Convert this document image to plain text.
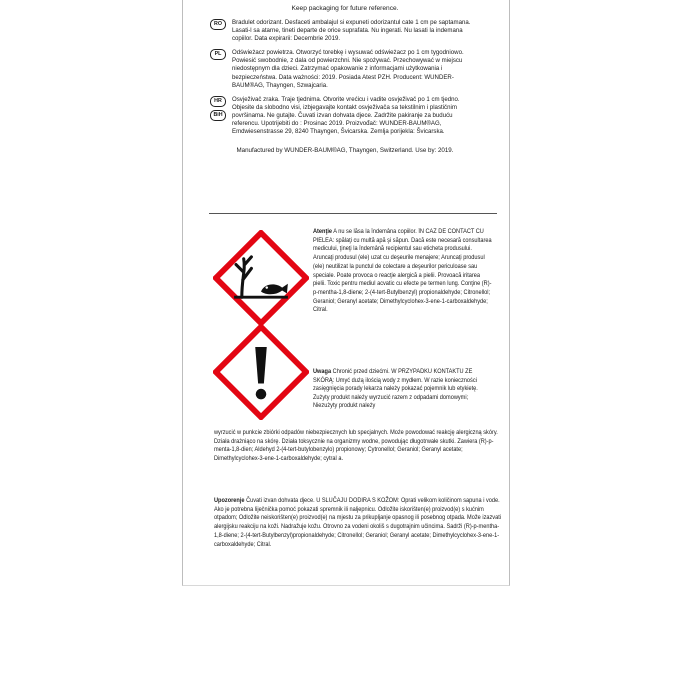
Keep packaging for future reference.
RO	Bradulet odorizant. Desfaceti ambalajul si expuneti odorizantul cate 1 cm pe saptamana. Lasati-l sa atarne, tineti departe de orice suprafata. Nu ingerati. Nu lasati la indemana copiilor. Data expirarii: Decembrie 2019.
PL	Odświeżacz powietrza. Otworzyć torebkę i wysuwać odświeżacz po 1 cm tygodniowo. Powiesić swobodnie, z dala od powierzchni. Nie spożywać. Przechowywać w miejscu niedostępnym dla dzieci. Zatrzymać opakowanie z informacjami użytkowania i bezpieczeństwa. Data ważności: 2019. Posiada Atest PZH. Producent: WUNDER-BAUM®AG, Thayngen, Szwajcaria.
HR
BiH
Osvježivač zraka. Traje tjednima. Otvorite vrećicu i vadite osvježivač po 1 cm tjedno. Objesite da slobodno visi, izbjegavajte kontakt osvježivača sa tekstilnim i plastičnim površinama. Ne gutajte. Čuvati izvan dohvata djece. Zadržite pakiranje za buduću referencu. Upotrijebiti do : Prosinac 2019. Proizvođač: WUNDER-BAUM®AG, Emdwiesenstrasse 29, 8240 Thayngen, Švicarska. Zemlja porijekla: Švicarska.
Manufactured by WUNDER-BAUM®AG, Thayngen, Switzerland. Use by: 2019.
Atenţie A nu se lăsa la îndemâna copiilor. ÎN CAZ DE CONTACT CU PIELEA: spălaţi cu multă apă şi săpun. Dacă este necesară consultarea medicului, ţineţi la îndemână recipientul sau eticheta produsului. Aruncaţi produsul (ele) uzat cu deşeurile menajere; Aruncaţi produsul (ele) neutilizat la punctul de colectare a deşeurilor periculoase sau speciale. Poate provoca o reacţie alergică a pielii. Provoacă iritarea pielii. Toxic pentru mediul acvatic cu efecte pe termen lung. Conţine (R)-p-mentha-1,8-diene; 2-(4-tert-Butylbenzyl) propionaldehyde; Citronellol; Geraniol; Geranyl acetate; Dimethylcyclohex-3-ene-1-carboxaldehyde; Citral.
Uwaga Chronić przed dziećmi. W PRZYPADKU KONTAKTU ZE SKÓRĄ: Umyć dużą ilością wody z mydłem. W razie konieczności zasięgnięcia porady lekarza należy pokazać pojemnik lub etykietę. Zużyty produkt należy wyrzucić razem z odpadami domowymi; Niezużyty produkt należy
wyrzucić w punkcie zbiórki odpadów niebezpiecznych lub specjalnych. Może powodować reakcję alergiczną skóry. Działa drażniąco na skórę. Działa toksycznie na organizmy wodne, powodując długotrwałe skutki. Zawiera (R)-p-menta-1,8-dien; Aldehyd 2-(4-tert-butylobenzylo) propionowy; Cytronellol; Geraniol; Geranyl acetate; Dimethylcyclohex-3-ene-1-carboxaldehyde; cytral a.
Upozorenje Čuvati izvan dohvata djece. U SLUČAJU DODIRA S KOŽOM: Oprati velikom količinom sapuna i vode. Ako je potrebna liječnička pomoć pokazati spremnik ili naljepnicu. Odložite iskorišten(e) proizvod(e) s kućnim otpadom; Odložite neiskorišten(e) proizvod(e) na mjestu za prikupljanje opasnog ili posebnog otpada. Može izazvati alergijsku reakciju na koži. Nadražuje kožu. Otrovno za vodeni okoliš s dugotrajnim učincima. Sadrži (R)-p-mentha-1,8-diene; 2-(4-tert-Butylbenzyl)propionaldehyde; Citronellol; Geraniol; Geranyl acetate; Dimethylcyclohex-3-ene-1-carboxaldehyde; Citral.
